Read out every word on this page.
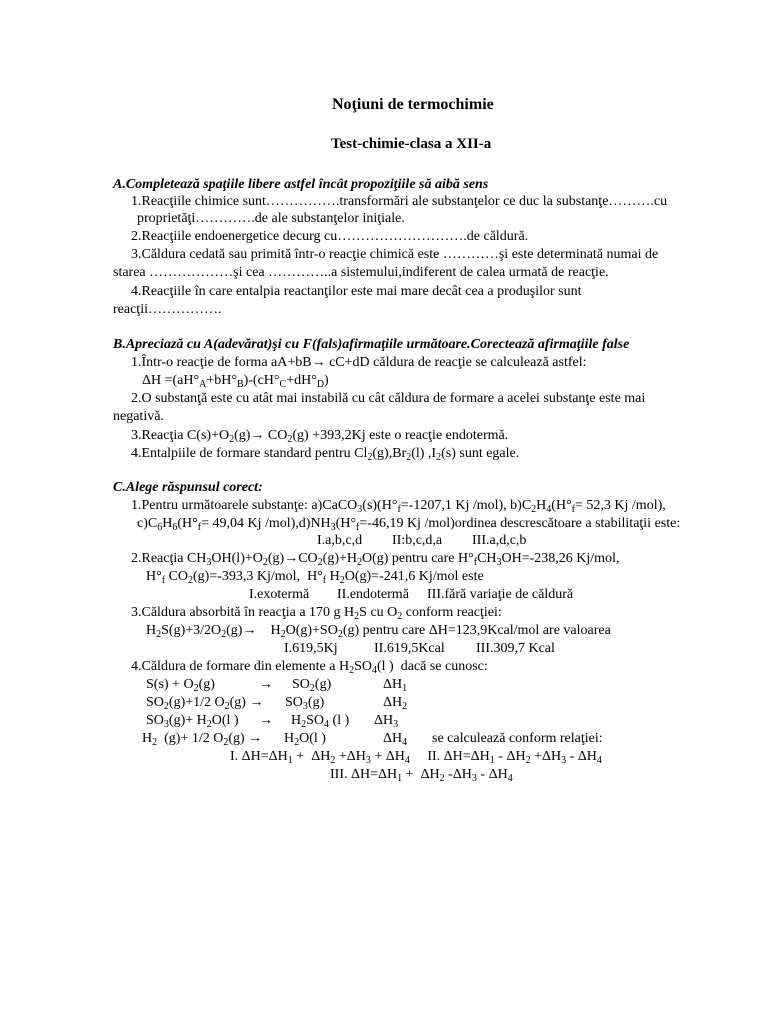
Noţiuni de termochimie
Test-chimie-clasa a XII-a
A.Completează spaţiile libere astfel încât propoziţiile să aibă sens
1.Reacţiile chimice sunt…………….transformări ale substanţelor ce duc la substanţe……….cu
proprietăţi………….de ale substanţelor iniţiale.
2.Reacţiile endoenergetice decurg cu……………………….de căldură.
3.Căldura cedată sau primită într-o reacţie chimică este …………şi este determinată numai de
starea ………………şi cea …………..a sistemului,indiferent de calea urmată de reacţie.
4.Reacţiile în care entalpia reactanţilor este mai mare decât cea a produşilor sunt
reacţii…………….
B.Apreciază cu A(adevărat)şi cu F(fals)afirmaţiile următoare.Corectează afirmaţiile false
1.Într-o reacţie de forma aA+bB→ cC+dD căldura de reacţie se calculează astfel:
$\Delta H =(aH^\circ_A+bH^\circ_B)-(cH^\circ_C+dH^\circ_D)$
2.O substanţă este cu atât mai instabilă cu cât căldura de formare a acelei substanţe este mai
negativă.
3.Reacţia $C(s)+O_2(g)\to CO_2(g) +393,2Kj$ este o reacţie endotermă.
4.Entalpiile de formare standard pentru $Cl_2(g),Br_2(l)$ $,I_2(s)$ sunt egale.
C.Alege răspunsul corect:
1.Pentru următoarele substanţe: $a)CaCO_3(s)(H^\circ_f=-1207,1$ Kj /mol), $b)C_2H_4(H^\circ_f= 52,3$ Kj /mol),
$c)C_6H_6(H^\circ_f= 49,04$ Kj $/mol),d)NH_3(H^\circ_f=-46,19$ Kj /mol)ordinea descrescătoare a stabilitaţii este:
I.a,b,c,d II:b,c,d,a III.a,d,c,b
2.Reacţia $CH_3OH(l)+O_2(g)\to CO_2(g)+H_2O(g)$ pentru care $H^\circ_fCH_3OH=-238,26$ Kj/mol,
$H^\circ_f$ $CO_2(g)=-393,3$ Kj/mol,  $H^\circ_f$ $H_2O(g)=-241,6$ Kj/mol este
I.exotermă II.endotermă III.fără variaţie de căldură
3.Căldura absorbită în reacţia a 170 g $H_2S$ cu $O_2$ conform reacţiei:
$H_2S(g)+3/2O_2(g)\to$    $H_2O(g)+SO_2(g)$ pentru care ΔH=123,9Kcal/mol are valoarea
I.619,5Kj	II.619,5Kcal III.309,7 Kcal
4.Căldura de formare din elemente a $H_2SO_4(l$ )  dacă se cunosc:
$S(s) + O_2(g)$	→ $SO_2(g)$	$\Delta H_1$
$SO_2(g)+1/2$ $O_2(g) \to SO_3(g)$	$\Delta H_2$
$SO_3(g)+ H_2O(l$ ) → $H_2SO_4$ (l ) $\Delta H_3$
$H_2$  (g)+ 1/2 $O_2(g) \to H_2O(l$ )	$\Delta H_4$ se calculează conform relaţiei:
I. $\Delta H=\Delta H_1 + \Delta H_2 +\Delta H_3 + \Delta H_4$     II. $\Delta H=\Delta H_1 - \Delta H_2 +\Delta H_3 - \Delta H_4$
III. $\Delta H=\Delta H_1 + \Delta H_2$ $-\Delta H_3 - \Delta H_4$
